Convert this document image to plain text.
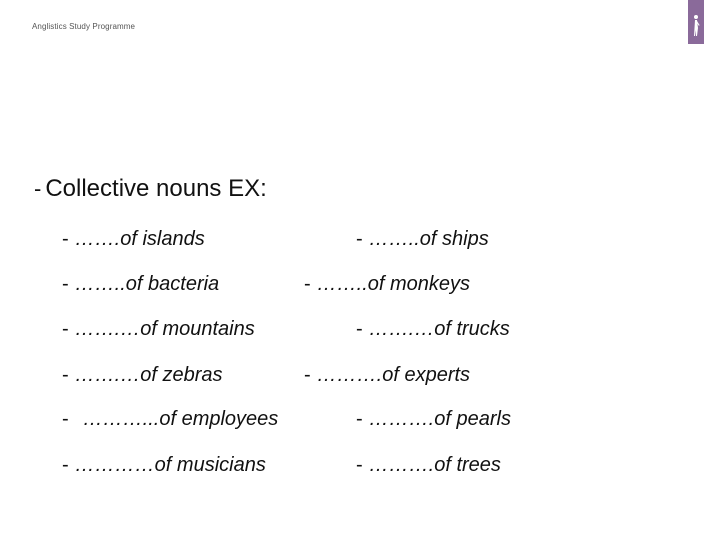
Anglistics Study Programme
- Collective nouns EX:
- …….of islands	- ……..of ships
- ……..of bacteria	- ……..of monkeys
- …….…of mountains	- …….…of trucks
- …….…of zebras	- ……….of experts
- ………...of employees	- ……….of pearls
- …………of musicians	- ……….of trees
